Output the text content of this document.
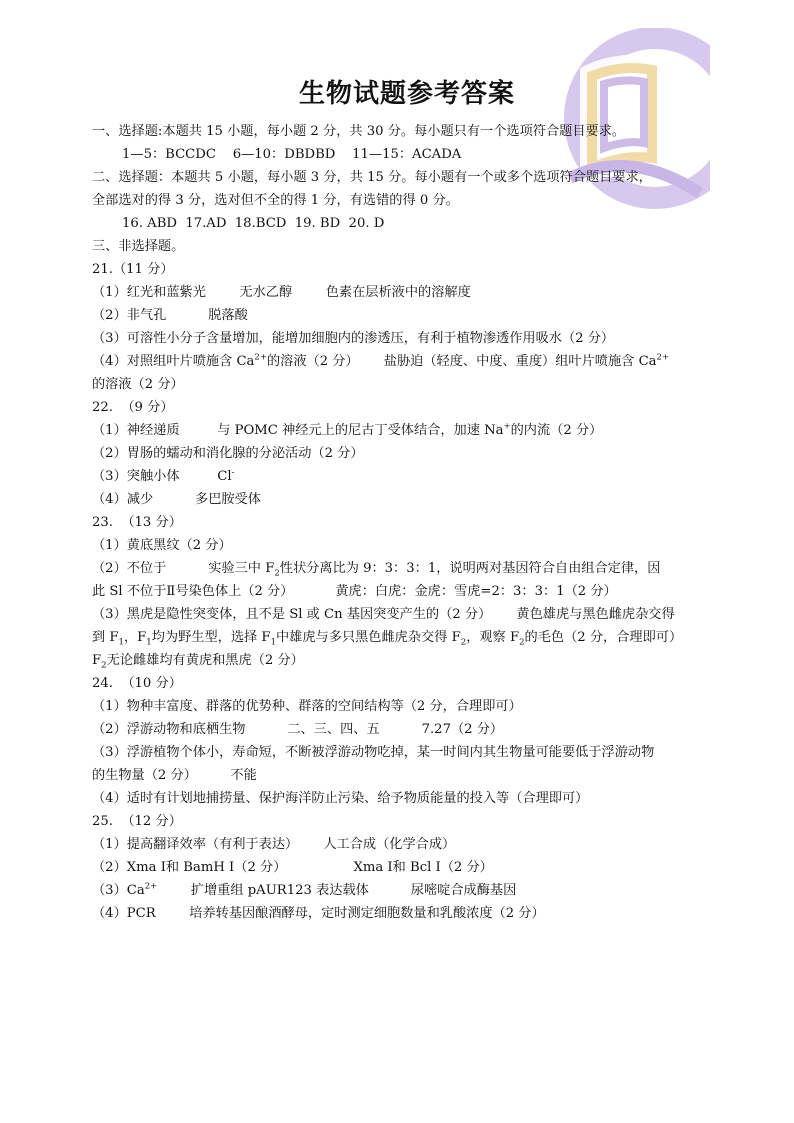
生物试题参考答案
一、选择题:本题共 15 小题，每小题 2 分，共 30 分。每小题只有一个选项符合题目要求。
1—5：BCCDC    6—10：DBDBD    11—15：ACADA
二、选择题：本题共 5 小题，每小题 3 分，共 15 分。每小题有一个或多个选项符合题目要求，
全部选对的得 3 分，选对但不全的得 1 分，有选错的得 0 分。
16. ABD  17.AD  18.BCD  19. BD  20. D
三、非选择题。
21.（11 分）
（1）红光和蓝紫光        无水乙醇        色素在层析液中的溶解度
（2）非气孔          脱落酸
（3）可溶性小分子含量增加，能增加细胞内的渗透压，有利于植物渗透作用吸水（2 分）
（4）对照组叶片喷施含 $Ca^{2+}$的溶液（2 分）      盐胁迫（轻度、中度、重度）组叶片喷施含 $Ca^{2+}$
的溶液（2 分）
22.  （9 分）
（1）神经递质         与 POMC 神经元上的尼古丁受体结合，加速 Na+的内流（2 分）
（2）胃肠的蠕动和消化腺的分泌活动（2 分）
（3）突触小体         Cl-
（4）减少          多巴胺受体
23.  （13 分）
（1）黄底黑纹（2 分）
（2）不位于          实验三中 $F_2$性状分离比为 9：3：3：1，说明两对基因符合自由组合定律，因
此 Sl 不位于Ⅱ号染色体上（2 分）          黄虎：白虎：金虎：雪虎=2：3：3：1（2 分）
（3）黑虎是隐性突变体，且不是 Sl 或 Cn 基因突变产生的（2 分）      黄色雄虎与黑色雌虎杂交得
到 $F_1$，$F_1$均为野生型，选择 $F_1$中雄虎与多只黑色雌虎杂交得 $F_2$，观察 $F_2$的毛色（2 分，合理即可）
$F_2$无论雌雄均有黄虎和黑虎（2 分）
24.  （10 分）
（1）物种丰富度、群落的优势种、群落的空间结构等（2 分，合理即可）
（2）浮游动物和底栖生物          二、三、四、五          7.27（2 分）
（3）浮游植物个体小，寿命短，不断被浮游动物吃掉，某一时间内其生物量可能要低于浮游动物
的生物量（2 分）        不能
（4）适时有计划地捕捞量、保护海洋防止污染、给予物质能量的投入等（合理即可）
25.  （12 分）
（1）提高翻译效率（有利于表达）      人工合成（化学合成）
（2）Xma Ⅰ和 BamH Ⅰ（2 分）                Xma Ⅰ和 Bcl Ⅰ（2 分）
$(3)Ca^{2+}$        扩增重组 pAUR123 表达载体          尿嘧啶合成酶基因
（4）PCR        培养转基因酿酒酵母，定时测定细胞数量和乳酸浓度（2 分）
